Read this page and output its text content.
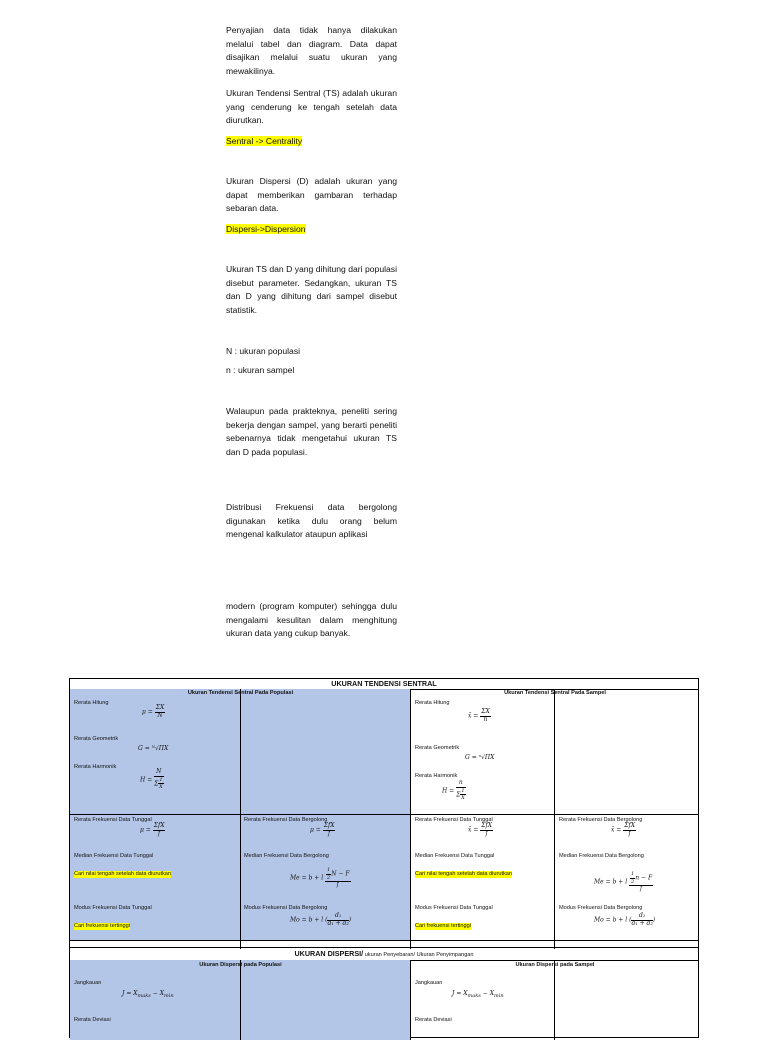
Penyajian data tidak hanya dilakukan melalui tabel dan diagram. Data dapat disajikan melalui suatu ukuran yang mewakilinya.

Ukuran Tendensi Sentral (TS) adalah ukuran yang cenderung ke tengah setelah data diurutkan.

Sentral -> Centrality

Ukuran Dispersi (D) adalah ukuran yang dapat memberikan gambaran terhadap sebaran data.

Dispersi->Dispersion

Ukuran TS dan D yang dihitung dari populasi disebut parameter. Sedangkan, ukuran TS dan D yang dihitung dari sampel disebut statistik.

N : ukuran populasi

n : ukuran sampel

Walaupun pada prakteknya, peneliti sering bekerja dengan sampel, yang berarti peneliti sebenarnya tidak mengetahui ukuran TS dan D pada populasi.

Distribusi Frekuensi data bergolong digunakan ketika dulu orang belum mengenal kalkulator ataupun aplikasi

modern (program komputer) sehingga dulu mengalami kesulitan dalam menghitung ukuran data yang cukup banyak.

UKURAN TENDENSI SENTRAL
Ukuran Tendensi Sentral Pada Populasi	Ukuran Tendensi Sentral Pada Sampel
Rerata Hitung
$\mu = \frac{\Sigma X}{N}$
Rerata Geometrik
G = ᴺ√ΠX
Rerata Harmonik
$H = \frac{N}{\Sigma \frac{1}{X}}$
Rerata Hitung
x̄ = $\frac{\Sigma X}{n}$
Rerata Geometrik
G = ⁿ√ΠX
Rerata Harmonik
$H = \frac{n}{\Sigma \frac{1}{X}}$
Rerata Frekuensi Data Tunggal
$\mu = \frac{\text{ΣfX}}{f}$
Median Frekuensi Data Tunggal
Cari nilai tengah setelah data diurutkan
Modus Frekuensi Data Tunggal
Cari frekuensi tertinggi
Rerata Frekuensi Data Bergolong
$\mu = \frac{\text{ΣfX}}{f}$
Median Frekuensi Data Bergolong
Me = b + l $\frac{\frac{1}{2} N - F}{f}$
Modus Frekuensi Data Bergolong
Mo = b + l ( $\frac{\text{d₁}}{\text{d₁ + d₂}}$ )
Rerata Frekuensi Data Tunggal
x̄ = $\frac{\text{ΣfX}}{f}$
Median Frekuensi Data Tunggal
Cari nilai tengah setelah data diurutkan
Modus Frekuensi Data Tunggal
Cari frekuensi tertinggi
Rerata Frekuensi Data Bergolong
x̄ = $\frac{\text{ΣfX}}{f}$
Median Frekuensi Data Bergolong
Me = b + l $\frac{\frac{1}{2} n - F}{f}$
Modus Frekuensi Data Bergolong
Mo = b + l ( $\frac{\text{d₁}}{\text{d₁ + d₂}}$ )
UKURAN DISPERSI/ ukuran Penyebaran/ Ukuran Penyimpangan
Ukuran Dispersi pada Populasi	Ukuran Dispersi pada Sampel
Jangkauan
$J = X_{maks} - X_{min}$
Rerata Deviasi
Jangkauan
$J = X_{maks} - X_{min}$
Rerata Deviasi
